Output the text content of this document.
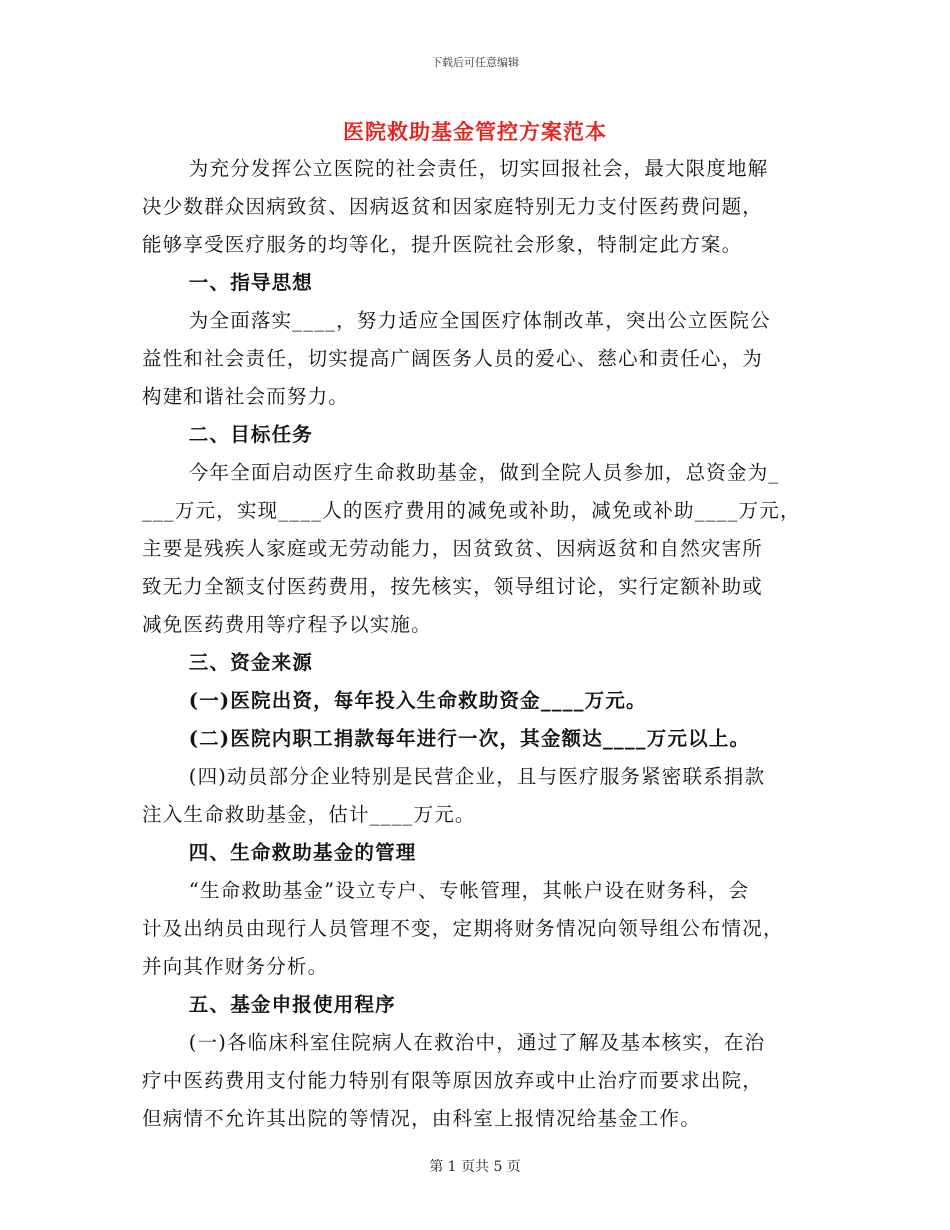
下载后可任意编辑
医院救助基金管控方案范本
为充分发挥公立医院的社会责任，切实回报社会，最大限度地解
决少数群众因病致贫、因病返贫和因家庭特别无力支付医药费问题，
能够享受医疗服务的均等化，提升医院社会形象，特制定此方案。
一、指导思想
为全面落实____，努力适应全国医疗体制改革，突出公立医院公
益性和社会责任，切实提高广阔医务人员的爱心、慈心和责任心，为
构建和谐社会而努力。
二、目标任务
今年全面启动医疗生命救助基金，做到全院人员参加，总资金为_
___万元，实现____人的医疗费用的减免或补助，减免或补助____万元，
主要是残疾人家庭或无劳动能力，因贫致贫、因病返贫和自然灾害所
致无力全额支付医药费用，按先核实，领导组讨论，实行定额补助或
减免医药费用等疗程予以实施。
三、资金来源
(一)医院出资，每年投入生命救助资金____万元。
(二)医院内职工捐款每年进行一次，其金额达____万元以上。
(四)动员部分企业特别是民营企业，且与医疗服务紧密联系捐款
注入生命救助基金，估计____万元。
四、生命救助基金的管理
“生命救助基金”设立专户、专帐管理，其帐户设在财务科，会
计及出纳员由现行人员管理不变，定期将财务情况向领导组公布情况，
并向其作财务分析。
五、基金申报使用程序
(一)各临床科室住院病人在救治中，通过了解及基本核实，在治
疗中医药费用支付能力特别有限等原因放弃或中止治疗而要求出院，
但病情不允许其出院的等情况，由科室上报情况给基金工作。
第 1 页共 5 页
